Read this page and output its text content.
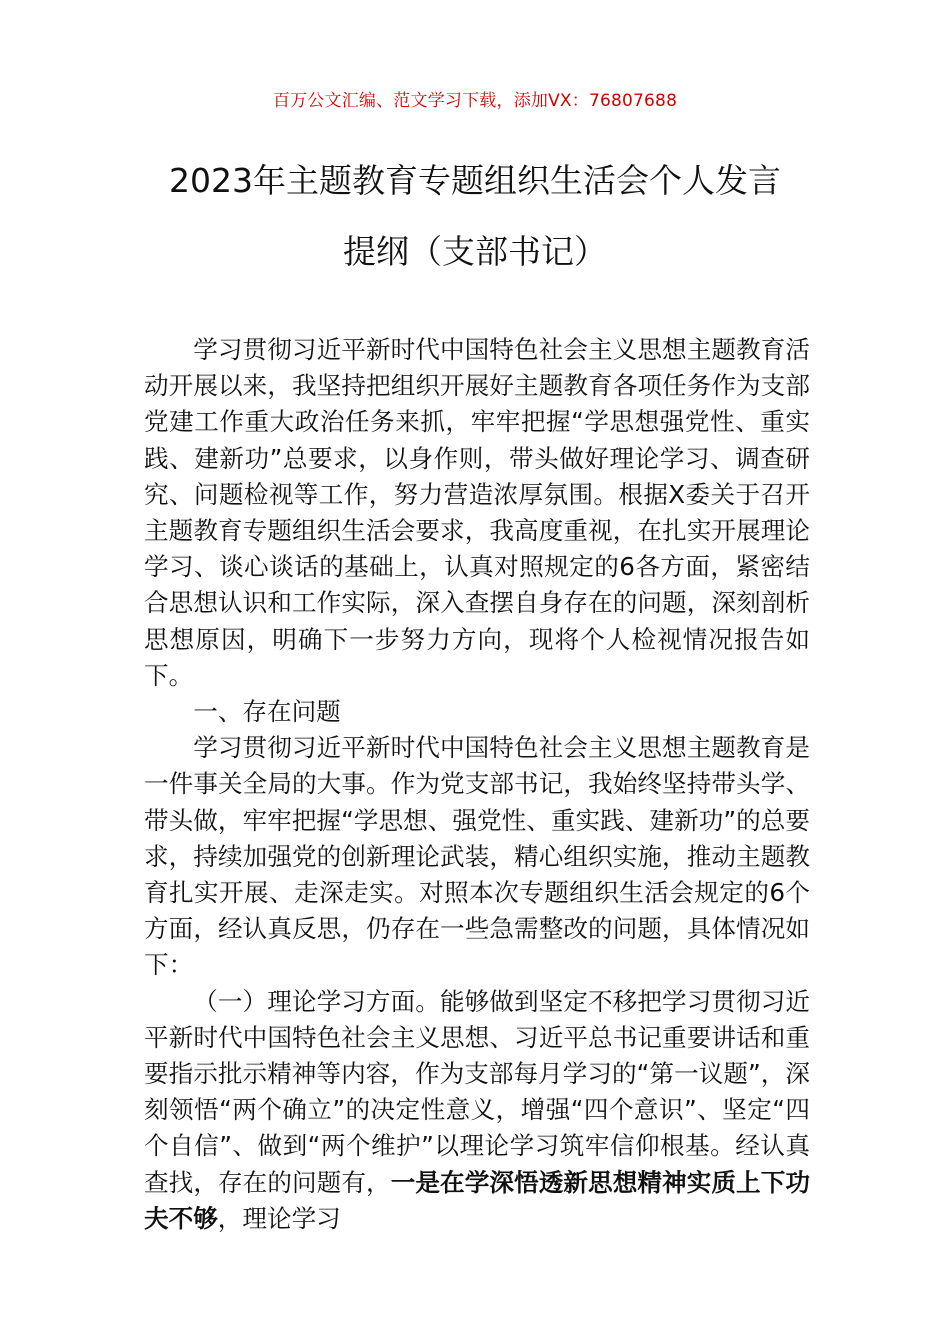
百万公文汇编、范文学习下载，添加VX：76807688
2023年主题教育专题组织生活会个人发言
提纲（支部书记）

学习贯彻习近平新时代中国特色社会主义思想主题教育活动开展以来，我坚持把组织开展好主题教育各项任务作为支部党建工作重大政治任务来抓，牢牢把握“学思想强党性、重实践、建新功”总要求，以身作则，带头做好理论学习、调查研究、问题检视等工作，努力营造浓厚氛围。根据X委关于召开主题教育专题组织生活会要求，我高度重视，在扎实开展理论学习、谈心谈话的基础上，认真对照规定的6各方面，紧密结合思想认识和工作实际，深入查摆自身存在的问题，深刻剖析思想原因，明确下一步努力方向，现将个人检视情况报告如下。

一、存在问题

学习贯彻习近平新时代中国特色社会主义思想主题教育是一件事关全局的大事。作为党支部书记，我始终坚持带头学、带头做，牢牢把握“学思想、强党性、重实践、建新功”的总要求，持续加强党的创新理论武装，精心组织实施，推动主题教育扎实开展、走深走实。对照本次专题组织生活会规定的6个方面，经认真反思，仍存在一些急需整改的问题，具体情况如下：

（一）理论学习方面。能够做到坚定不移把学习贯彻习近平新时代中国特色社会主义思想、习近平总书记重要讲话和重要指示批示精神等内容，作为支部每月学习的“第一议题”，深刻领悟“两个确立”的决定性意义，增强“四个意识”、坚定“四个自信”、做到“两个维护”以理论学习筑牢信仰根基。经认真查找，存在的问题有，一是在学深悟透新思想精神实质上下功夫不够，理论学习
